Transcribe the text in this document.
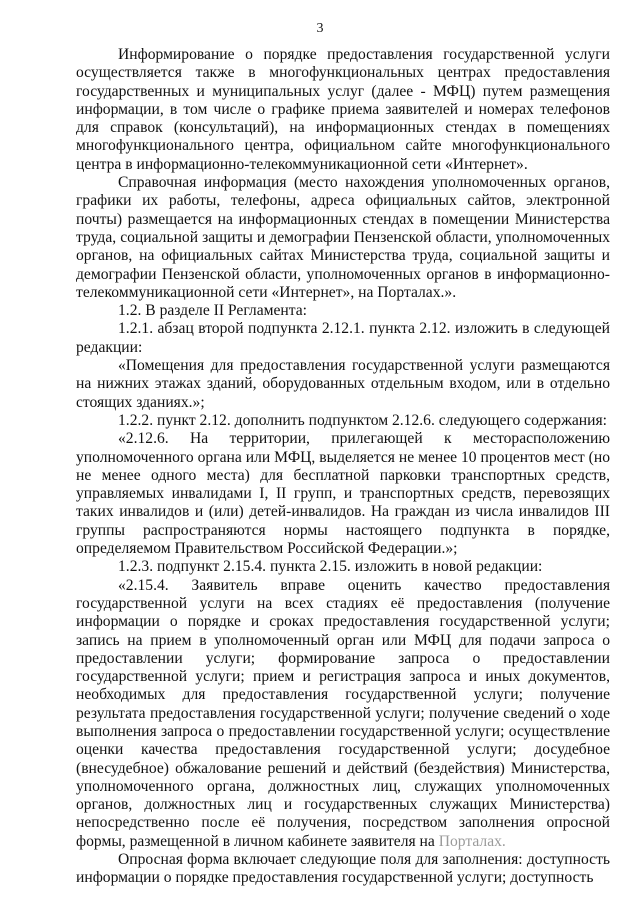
3

Информирование о порядке предоставления государственной услуги осуществляется также в многофункциональных центрах предоставления государственных и муниципальных услуг (далее - МФЦ) путем размещения информации, в том числе о графике приема заявителей и номерах телефонов для справок (консультаций), на информационных стендах в помещениях многофункционального центра, официальном сайте многофункционального центра в информационно-телекоммуникационной сети «Интернет».

Справочная информация (место нахождения уполномоченных органов, графики их работы, телефоны, адреса официальных сайтов, электронной почты) размещается на информационных стендах в помещении Министерства труда, социальной защиты и демографии Пензенской области, уполномоченных органов, на официальных сайтах Министерства труда, социальной защиты и демографии Пензенской области, уполномоченных органов в информационно-телекоммуникационной сети «Интернет», на Порталах.».

1.2. В разделе II Регламента:

1.2.1. абзац второй подпункта 2.12.1. пункта 2.12. изложить в следующей редакции:

«Помещения для предоставления государственной услуги размещаются на нижних этажах зданий, оборудованных отдельным входом, или в отдельно стоящих зданиях.»;

1.2.2. пункт 2.12. дополнить подпунктом 2.12.6. следующего содержания:

«2.12.6. На территории, прилегающей к месторасположению уполномоченного органа или МФЦ, выделяется не менее 10 процентов мест (но не менее одного места) для бесплатной парковки транспортных средств, управляемых инвалидами I, II групп, и транспортных средств, перевозящих таких инвалидов и (или) детей-инвалидов. На граждан из числа инвалидов III группы распространяются нормы настоящего подпункта в порядке, определяемом Правительством Российской Федерации.»;

1.2.3. подпункт 2.15.4. пункта 2.15. изложить в новой редакции:

«2.15.4. Заявитель вправе оценить качество предоставления государственной услуги на всех стадиях её предоставления (получение информации о порядке и сроках предоставления государственной услуги; запись на прием в уполномоченный орган или МФЦ для подачи запроса о предоставлении услуги; формирование запроса о предоставлении государственной услуги; прием и регистрация запроса и иных документов, необходимых для предоставления государственной услуги; получение результата предоставления государственной услуги; получение сведений о ходе выполнения запроса о предоставлении государственной услуги; осуществление оценки качества предоставления государственной услуги; досудебное (внесудебное) обжалование решений и действий (бездействия) Министерства, уполномоченного органа, должностных лиц, служащих уполномоченных органов, должностных лиц и государственных служащих Министерства) непосредственно после её получения, посредством заполнения опросной формы, размещенной в личном кабинете заявителя на Порталах.

Опросная форма включает следующие поля для заполнения: доступность информации о порядке предоставления государственной услуги; доступность
